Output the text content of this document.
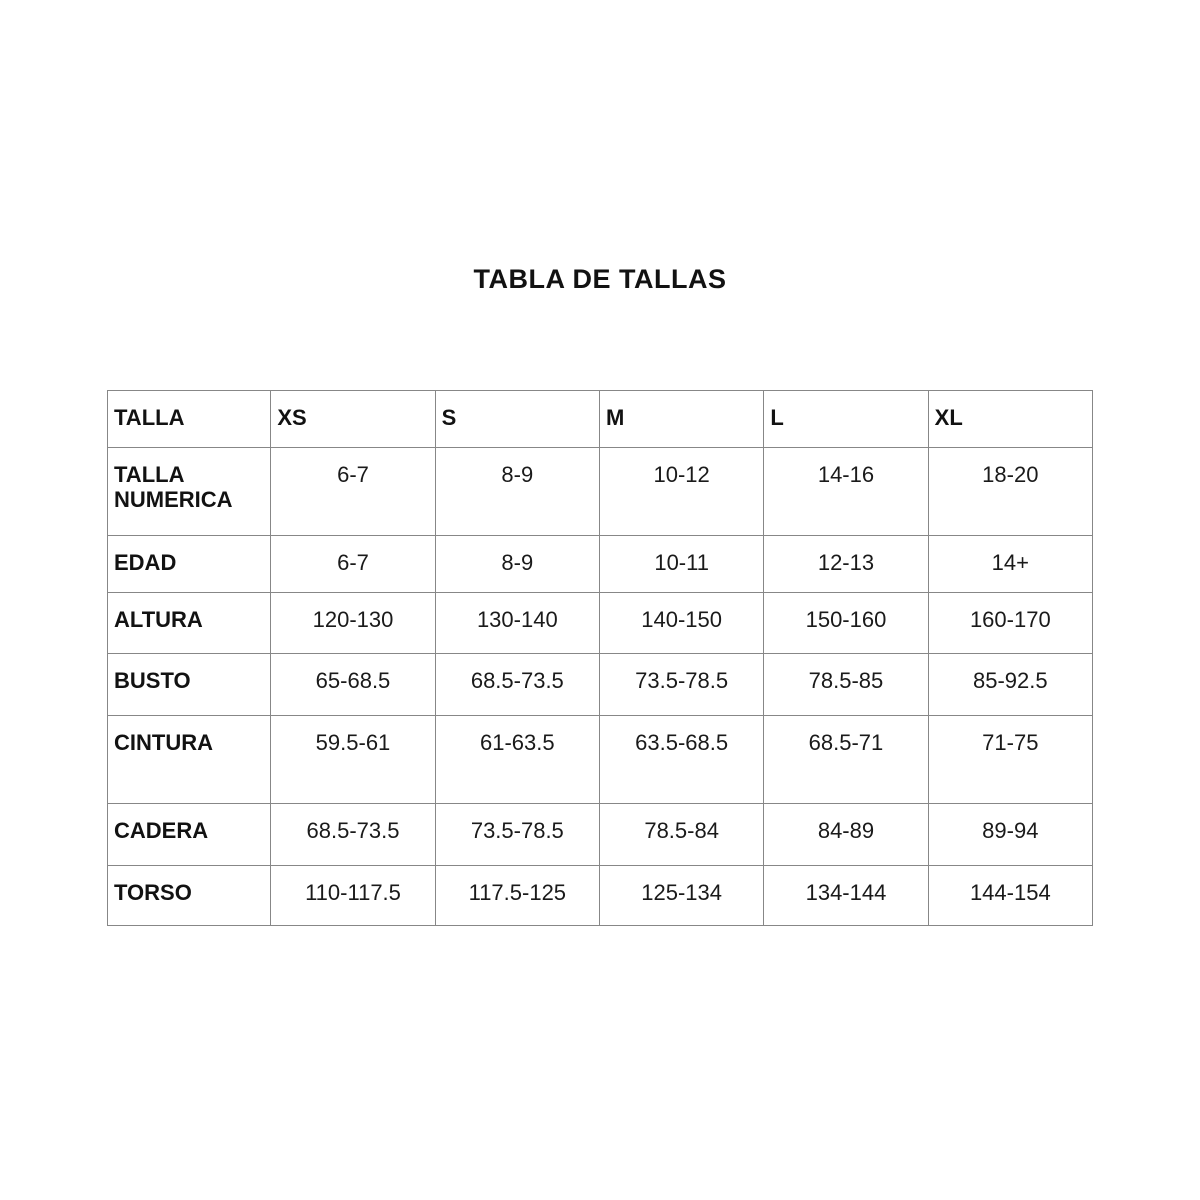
TABLA DE TALLAS
TALLA	XS	S	M	L	XL
TALLA NUMERICA	6-7	8-9	10-12	14-16	18-20
EDAD	6-7	8-9	10-11	12-13	14+
ALTURA	120-130	130-140	140-150	150-160	160-170
BUSTO	65-68.5	68.5-73.5	73.5-78.5	78.5-85	85-92.5
CINTURA	59.5-61	61-63.5	63.5-68.5	68.5-71	71-75
CADERA	68.5-73.5	73.5-78.5	78.5-84	84-89	89-94
TORSO	110-117.5	117.5-125	125-134	134-144	144-154
